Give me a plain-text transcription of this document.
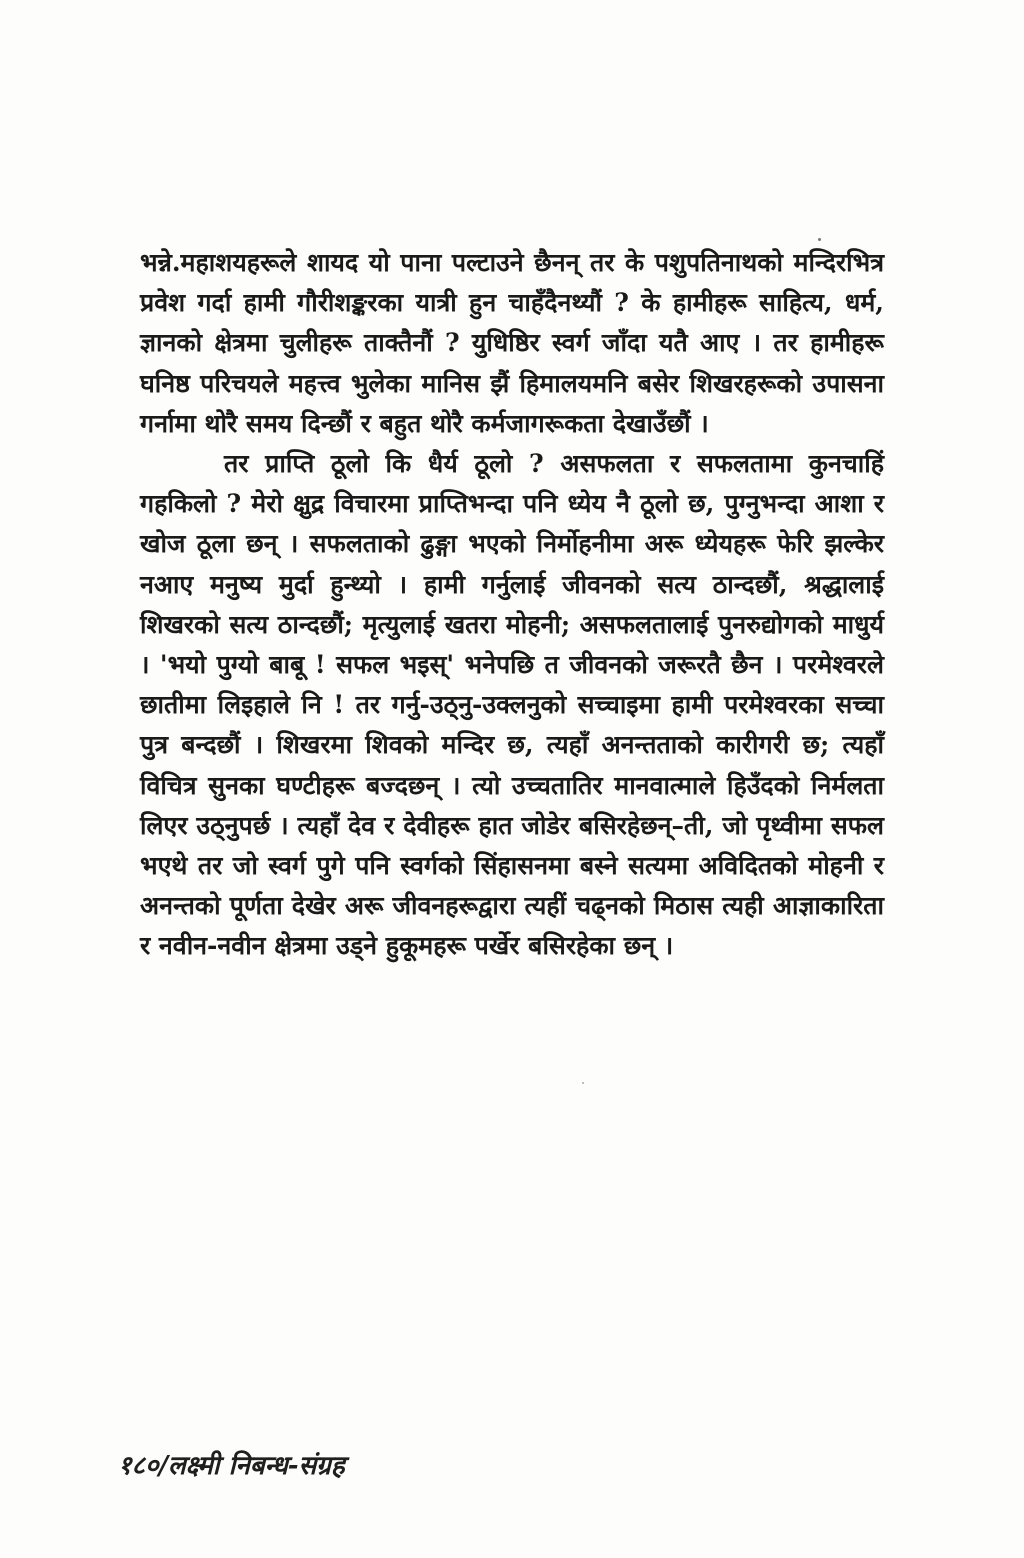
भन्ने.महाशयहरूले शायद यो पाना पल्टाउने छैनन् तर के पशुपतिनाथको मन्दिरभित्र प्रवेश गर्दा हामी गौरीशङ्करका यात्री हुन चाहँदैनथ्यौं ? के हामीहरू साहित्य, धर्म, ज्ञानको क्षेत्रमा चुलीहरू ताक्तैनौं ? युधिष्ठिर स्वर्ग जाँदा यतै आए । तर हामीहरू घनिष्ठ परिचयले महत्त्व भुलेका मानिस झैं हिमालयमनि बसेर शिखरहरूको उपासना गर्नामा थोरै समय दिन्छौं र बहुत थोरै कर्मजागरूकता देखाउँछौं ।

तर प्राप्ति ठूलो कि धैर्य ठूलो ? असफलता र सफलतामा कुनचाहिं गहकिलो ? मेरो क्षुद्र विचारमा प्राप्तिभन्दा पनि ध्येय नै ठूलो छ, पुग्नुभन्दा आशा र खोज ठूला छन् । सफलताको ढुङ्गा भएको निर्मोहनीमा अरू ध्येयहरू फेरि झल्केर नआए मनुष्य मुर्दा हुन्थ्यो । हामी गर्नुलाई जीवनको सत्य ठान्दछौं, श्रद्धालाई शिखरको सत्य ठान्दछौं; मृत्युलाई खतरा मोहनी; असफलतालाई पुनरुद्योगको माधुर्य । 'भयो पुग्यो बाबू ! सफल भइस्' भनेपछि त जीवनको जरूरतै छैन । परमेश्वरले छातीमा लिइहाले नि ! तर गर्नु-उठ्नु-उक्लनुको सच्चाइमा हामी परमेश्वरका सच्चा पुत्र बन्दछौं । शिखरमा शिवको मन्दिर छ, त्यहाँ अनन्तताको कारीगरी छ; त्यहाँ विचित्र सुनका घण्टीहरू बज्दछन् । त्यो उच्चतातिर मानवात्माले हिउँदको निर्मलता लिएर उठ्नुपर्छ । त्यहाँ देव र देवीहरू हात जोडेर बसिरहेछन्–ती, जो पृथ्वीमा सफल भएथे तर जो स्वर्ग पुगे पनि स्वर्गको सिंहासनमा बस्ने सत्यमा अविदितको मोहनी र अनन्तको पूर्णता देखेर अरू जीवनहरूद्वारा त्यहीं चढ्नको मिठास त्यही आज्ञाकारिता र नवीन-नवीन क्षेत्रमा उड्ने हुकूमहरू पर्खेर बसिरहेका छन् ।

१८०/लक्ष्मी निबन्ध-संग्रह
